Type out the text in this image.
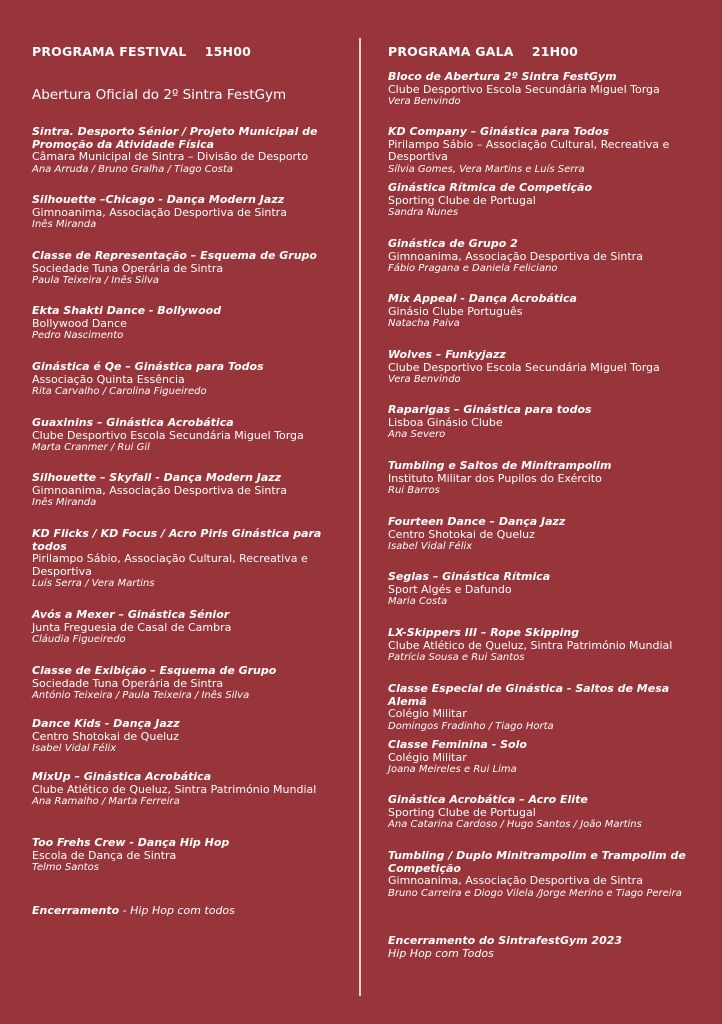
PROGRAMA FESTIVAL    15H00
Abertura Oficial do 2º Sintra FestGym
Sintra. Desporto Sénior / Projeto Municipal de Promoção da Atividade Física
Câmara Municipal de Sintra – Divisão de Desporto
Ana Arruda / Bruno Gralha / Tiago Costa
Silhouette –Chicago - Dança Modern Jazz
Gimnoanima, Associação Desportiva de Sintra
Inês Miranda
Classe de Representação – Esquema de Grupo
Sociedade Tuna Operária de Sintra
Paula Teixeira / Inês Silva
Ekta Shakti Dance - Bollywood
Bollywood Dance
Pedro Nascimento
Ginástica é Qe – Ginástica para Todos
Associação Quinta Essência
Rita Carvalho / Carolina Figueiredo
Guaxinins – Ginástica Acrobática
Clube Desportivo Escola Secundária Miguel Torga
Marta Cranmer / Rui Gil
Silhouette – Skyfall - Dança Modern Jazz
Gimnoanima, Associação Desportiva de Sintra
Inês Miranda
KD Flicks / KD Focus / Acro Piris Ginástica para todos
Pirilampo Sábio, Associação Cultural, Recreativa e Desportiva
Luís Serra / Vera Martins
Avós a Mexer – Ginástica Sénior
Junta Freguesia de Casal de Cambra
Cláudia Figueiredo
Classe de Exibição – Esquema de Grupo
Sociedade Tuna Operária de Sintra
António Teixeira / Paula Teixeira / Inês Silva
Dance Kids - Dança Jazz
Centro Shotokai de Queluz
Isabel Vidal Félix
MixUp – Ginástica Acrobática
Clube Atlético de Queluz, Sintra Património Mundial
Ana Ramalho / Marta Ferreira
Too Frehs Crew - Dança Hip Hop
Escola de Dança de Sintra
Telmo Santos
Encerramento - Hip Hop com todos
PROGRAMA GALA    21H00
Bloco de Abertura 2º Sintra FestGym
Clube Desportivo Escola Secundária Miguel Torga
Vera Benvindo
KD Company – Ginástica para Todos
Pirilampo Sábio – Associação Cultural, Recreativa e Desportiva
Sílvia Gomes, Vera Martins e Luís Serra
Ginástica Rítmica de Competição
Sporting Clube de Portugal
Sandra Nunes
Ginástica de Grupo 2
Gimnoanima, Associação Desportiva de Sintra
Fábio Pragana e Daniela Feliciano
Mix Appeal - Dança Acrobática
Ginásio Clube Português
Natacha Paiva
Wolves – Funkyjazz
Clube Desportivo Escola Secundária Miguel Torga
Vera Benvindo
Raparigas – Ginástica para todos
Lisboa Ginásio Clube
Ana Severo
Tumbling e Saltos de Minitrampolim
Instituto Militar dos Pupilos do Exército
Rui Barros
Fourteen Dance – Dança Jazz
Centro Shotokai de Queluz
Isabel Vidal Félix
Seglas – Ginástica Rítmica
Sport Algés e Dafundo
Maria Costa
LX-Skippers III – Rope Skipping
Clube Atlético de Queluz, Sintra Património Mundial
Patrícia Sousa e Rui Santos
Classe Especial de Ginástica - Saltos de Mesa Alemã
Colégio Militar
Domingos Fradinho / Tiago Horta
Classe Feminina - Solo
Colégio Militar
Joana Meireles e Rui Lima
Ginástica Acrobática – Acro Elite
Sporting Clube de Portugal
Ana Catarina Cardoso / Hugo Santos / João Martins
Tumbling / Duplo Minitrampolim e Trampolim de Competição
Gimnoanima, Associação Desportiva de Sintra
Bruno Carreira e Diogo Vilela /Jorge Merino e Tiago Pereira
Encerramento do SintrafestGym 2023
Hip Hop com Todos
